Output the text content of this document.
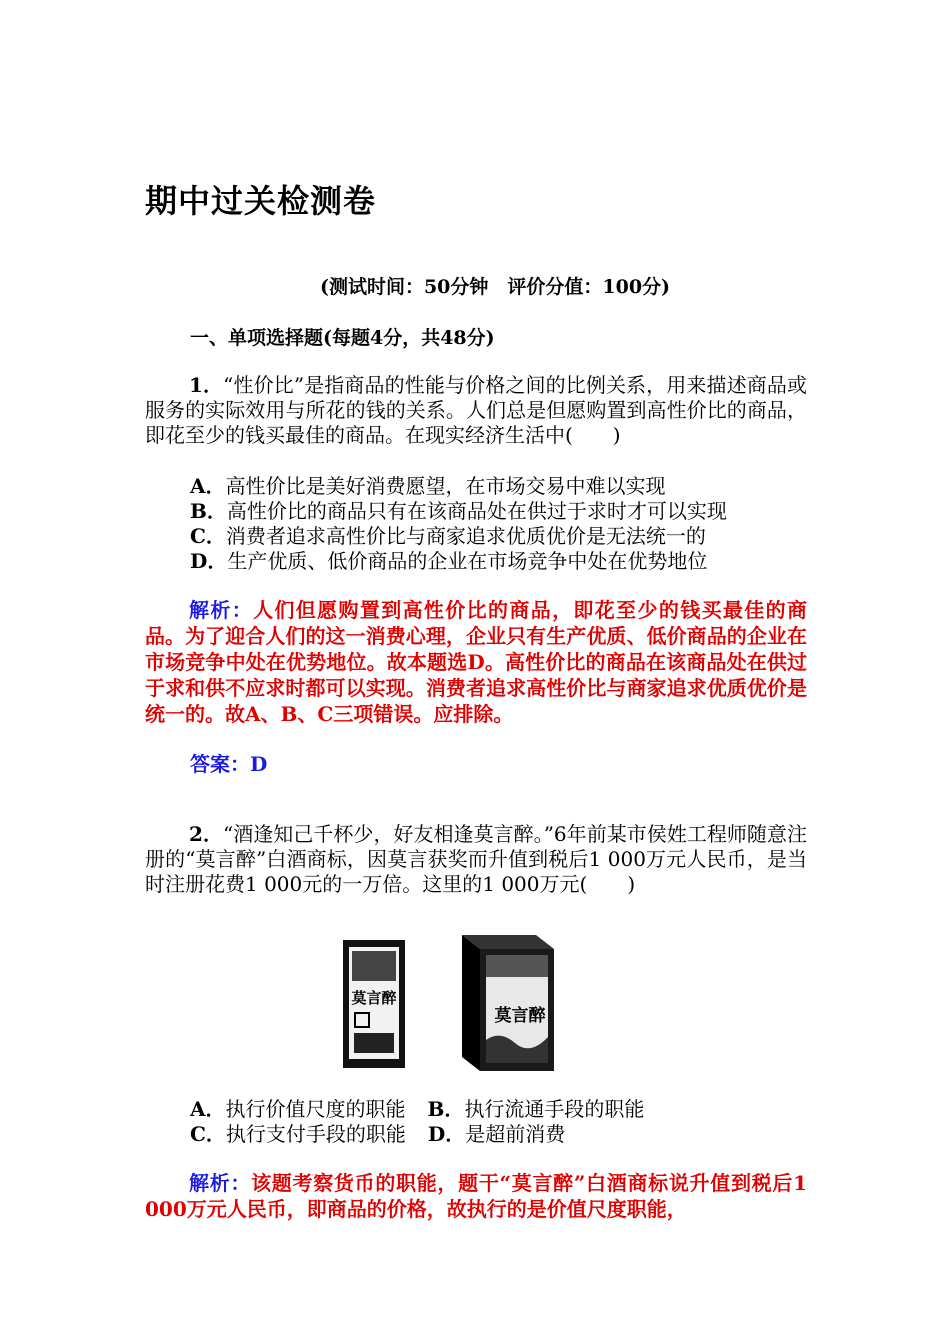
期中过关检测卷
(测试时间：50分钟　评价分值：100分)
一、单项选择题(每题4分，共48分)
1．“性价比”是指商品的性能与价格之间的比例关系，用来描述商品或服务的实际效用与所花的钱的关系。人们总是但愿购置到高性价比的商品，即花至少的钱买最佳的商品。在现实经济生活中(　　)
A．高性价比是美好消费愿望，在市场交易中难以实现
B．高性价比的商品只有在该商品处在供过于求时才可以实现
C．消费者追求高性价比与商家追求优质优价是无法统一的
D．生产优质、低价商品的企业在市场竞争中处在优势地位
解析：人们但愿购置到高性价比的商品，即花至少的钱买最佳的商品。为了迎合人们的这一消费心理，企业只有生产优质、低价商品的企业在市场竞争中处在优势地位。故本题选D。高性价比的商品在该商品处在供过于求和供不应求时都可以实现。消费者追求高性价比与商家追求优质优价是统一的。故A、B、C三项错误。应排除。
答案：D
2．“酒逢知己千杯少，好友相逢莫言醉。”6年前某市侯姓工程师随意注册的“莫言醉”白酒商标，因莫言获奖而升值到税后1 000万元人民币，是当时注册花费1 000元的一万倍。这里的1 000万元(　　)
莫言醉
莫言醉
A．执行价值尺度的职能 B．执行流通手段的职能
C．执行支付手段的职能 D．是超前消费
解析：该题考察货币的职能，题干“莫言醉”白酒商标说升值到税后1 000万元人民币，即商品的价格，故执行的是价值尺度职能，
